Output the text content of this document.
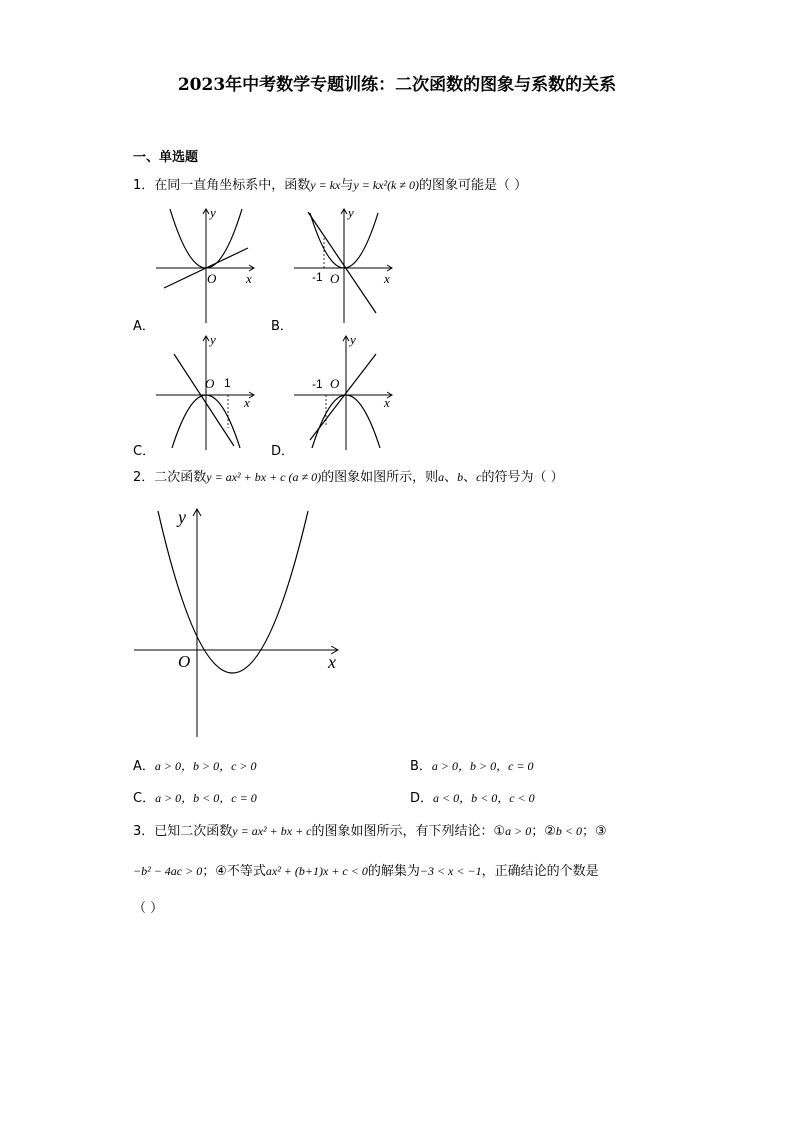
2023年中考数学专题训练：二次函数的图象与系数的关系
一、单选题
1．在同一直角坐标系中，函数y = kx与y = kx²(k ≠ 0)的图象可能是（ ）
y
x
O
A．
y
x
O
-1
B．
y
x
O 1
C．
y
x
O
-1
D．
2．二次函数y = ax² + bx + c (a ≠ 0)的图象如图所示，则a、b、c的符号为（ ）
y
x
O
A．a > 0，b > 0，c > 0	B．a > 0，b > 0，c = 0
C．a > 0，b < 0，c = 0	D．a < 0，b < 0，c < 0
3．已知二次函数y = ax² + bx + c的图象如图所示，有下列结论：①a > 0；②b < 0；③
−b² − 4ac > 0；④不等式ax² + (b+1)x + c < 0的解集为−3 < x < −1，正确结论的个数是
（ ）
